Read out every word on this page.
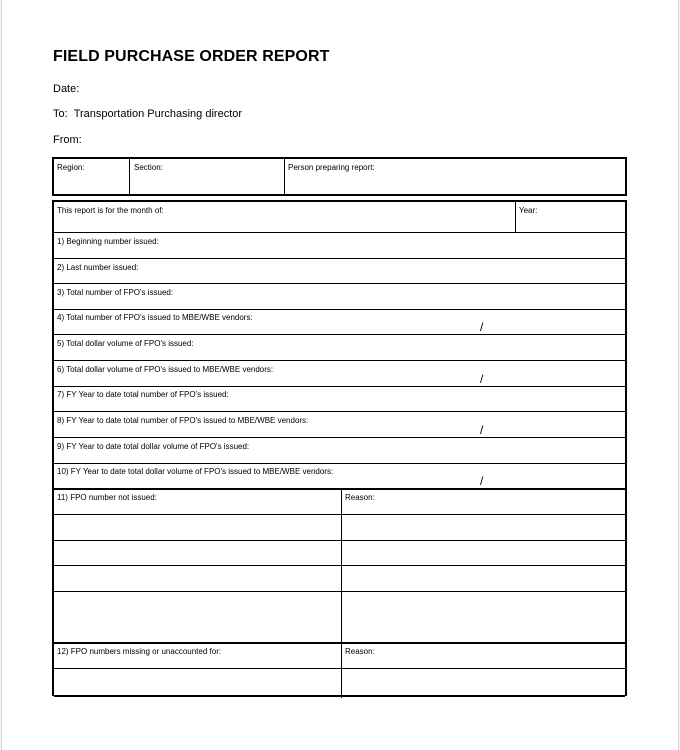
FIELD PURCHASE ORDER REPORT
Date:
To: Transportation Purchasing director
From:
Region:	Section:	Person preparing report:
This report is for the month of:	Year:
1) Beginning number issued:
2) Last number issued:
3) Total number of FPO's issued:
4) Total number of FPO's issued to MBE/WBE vendors:
/
5) Total dollar volume of FPO's issued:
6) Total dollar volume of FPO's issued to MBE/WBE vendors:
/
7) FY Year to date total number of FPO's issued:
8) FY Year to date total number of FPO's issued to MBE/WBE vendors:
/
9) FY Year to date total dollar volume of FPO's issued:
10) FY Year to date total dollar volume of FPO's issued to MBE/WBE vendors:
/
11) FPO number not issued:	Reason:
12) FPO numbers missing or unaccounted for:	Reason:
